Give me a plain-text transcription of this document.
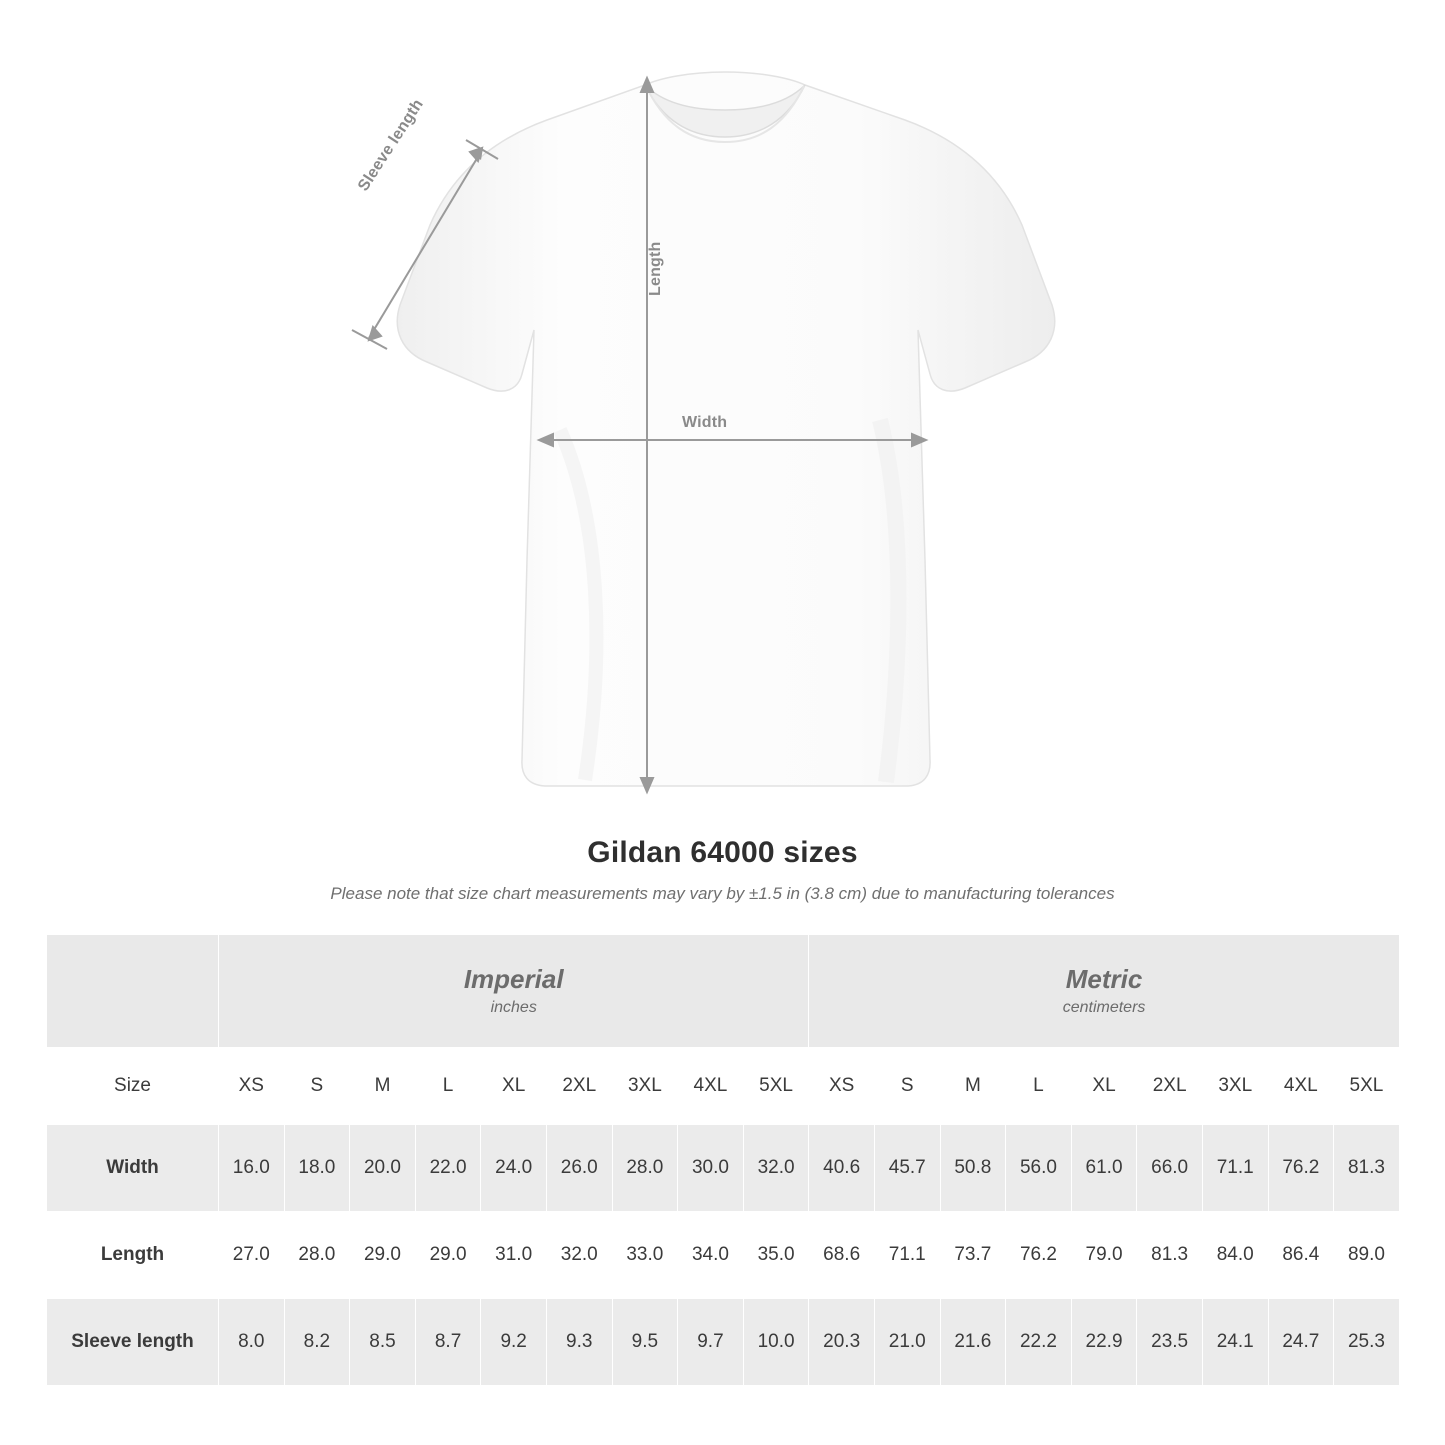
Sleeve length
Length
Width
Gildan 64000 sizes

Please note that size chart measurements may vary by ±1.5 in (3.8 cm) due to manufacturing tolerances

Imperial
inches

Metric
centimeters

Size	XS	S	M	L	XL	2XL	3XL	4XL	5XL	XS	S	M	L	XL	2XL	3XL	4XL	5XL
Width	16.0	18.0	20.0	22.0	24.0	26.0	28.0	30.0	32.0	40.6	45.7	50.8	56.0	61.0	66.0	71.1	76.2	81.3
Length	27.0	28.0	29.0	29.0	31.0	32.0	33.0	34.0	35.0	68.6	71.1	73.7	76.2	79.0	81.3	84.0	86.4	89.0
Sleeve length	8.0	8.2	8.5	8.7	9.2	9.3	9.5	9.7	10.0	20.3	21.0	21.6	22.2	22.9	23.5	24.1	24.7	25.3
